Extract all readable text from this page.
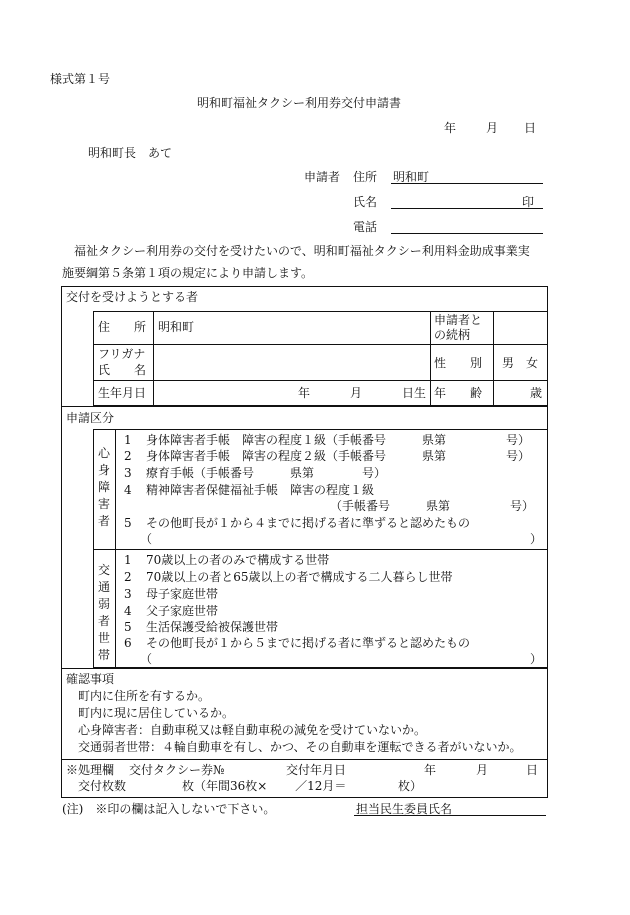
様式第１号
明和町福祉タクシー利用券交付申請書
年 月 日
明和町長　あて
申請者 住所 明和町
氏名	印
電話
福祉タクシー利用券の交付を受けたいので、明和町福祉タクシー利用料金助成事業実
施要綱第５条第１項の規定により申請します。
交付を受けようとする者
住　　所 明和町	申請者と
の続柄
フリガナ
氏　　名	性　　別 男 女
生年月日	年	月	日生 年　　齢	歳
申請区分
心身障害者
1 身体障害者手帳　障害の程度１級（手帳番号　　　県第　　　　　号）
2 身体障害者手帳　障害の程度２級（手帳番号　　　県第　　　　　号）
3 療育手帳（手帳番号　　　県第　　　　号）
4 精神障害者保健福祉手帳　障害の程度１級
（手帳番号　　　県第　　　　　号）
5 その他町長が１から４までに掲げる者に準ずると認めたもの
（	）
交通弱者世帯
1 70歳以上の者のみで構成する世帯
2 70歳以上の者と65歳以上の者で構成する二人暮らし世帯
3 母子家庭世帯
4 父子家庭世帯
5 生活保護受給被保護世帯
6 その他町長が１から５までに掲げる者に準ずると認めたもの
（	）
確認事項
町内に住所を有するか。
町内に現に居住しているか。
心身障害者：自動車税又は軽自動車税の減免を受けていないか。
交通弱者世帯：４輪自動車を有し、かつ、その自動車を運転できる者がいないか。
※処理欄 交付タクシー券№	交付年月日	年	月	日
交付枚数	枚（年間36枚×　　 ／12月＝	枚）
(注)　※印の欄は記入しないで下さい。	担当民生委員氏名
